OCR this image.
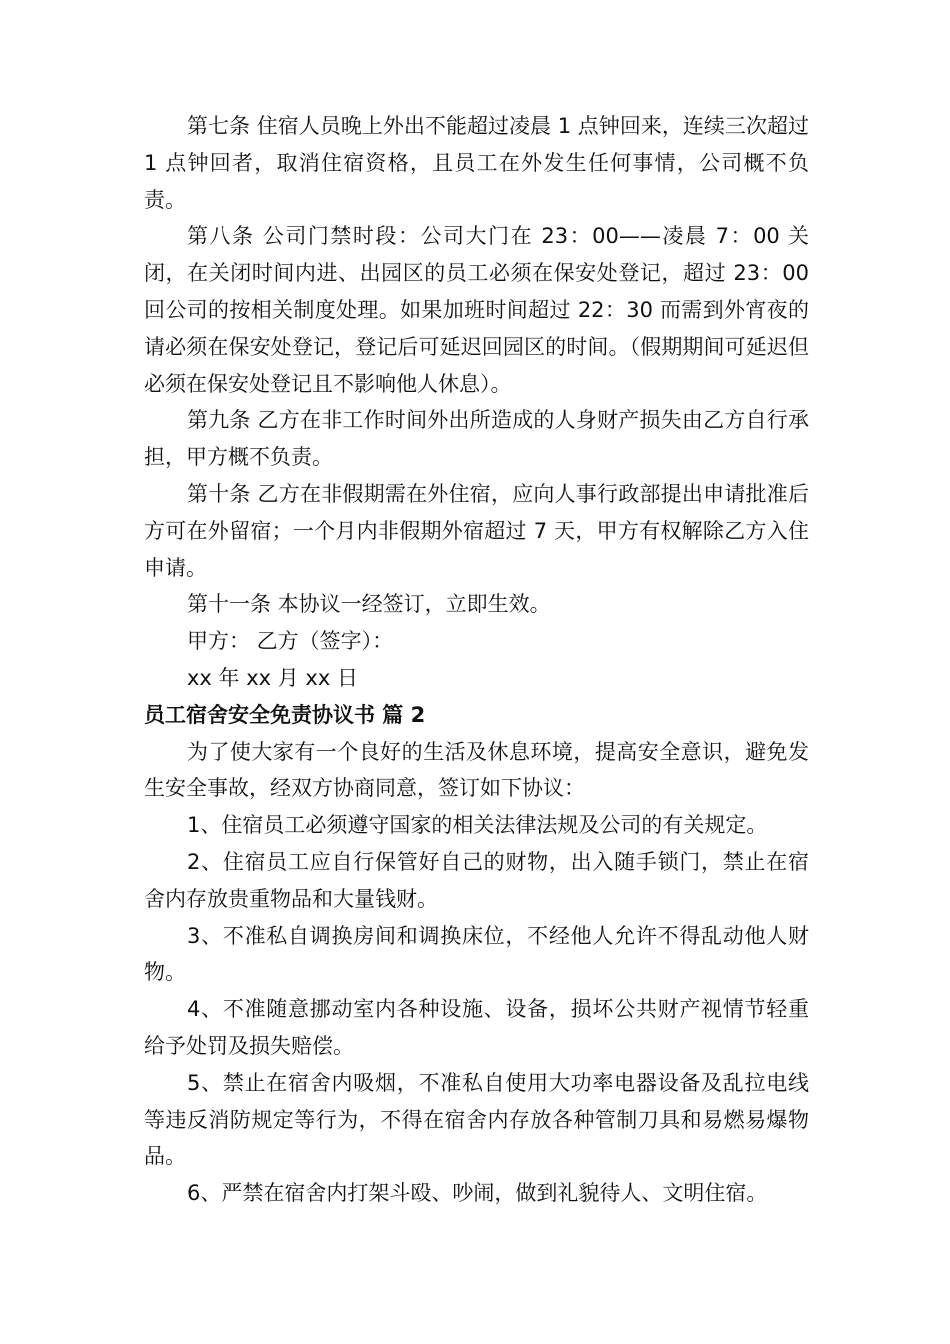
第七条 住宿人员晚上外出不能超过凌晨 1 点钟回来，连续三次超过 1 点钟回者，取消住宿资格，且员工在外发生任何事情，公司概不负责。

第八条 公司门禁时段：公司大门在 23：00——凌晨 7：00 关闭，在关闭时间内进、出园区的员工必须在保安处登记，超过 23：00 回公司的按相关制度处理。如果加班时间超过 22：30 而需到外宵夜的请必须在保安处登记，登记后可延迟回园区的时间。（假期期间可延迟但必须在保安处登记且不影响他人休息）。

第九条 乙方在非工作时间外出所造成的人身财产损失由乙方自行承担，甲方概不负责。

第十条 乙方在非假期需在外住宿，应向人事行政部提出申请批准后方可在外留宿；一个月内非假期外宿超过 7 天，甲方有权解除乙方入住申请。

第十一条 本协议一经签订，立即生效。

甲方： 乙方（签字）：

xx 年 xx 月 xx 日

员工宿舍安全免责协议书 篇 2

为了使大家有一个良好的生活及休息环境，提高安全意识，避免发生安全事故，经双方协商同意，签订如下协议：

1、住宿员工必须遵守国家的相关法律法规及公司的有关规定。

2、住宿员工应自行保管好自己的财物，出入随手锁门，禁止在宿舍内存放贵重物品和大量钱财。

3、不准私自调换房间和调换床位，不经他人允许不得乱动他人财物。

4、不准随意挪动室内各种设施、设备，损坏公共财产视情节轻重给予处罚及损失赔偿。

5、禁止在宿舍内吸烟，不准私自使用大功率电器设备及乱拉电线等违反消防规定等行为，不得在宿舍内存放各种管制刀具和易燃易爆物品。

6、严禁在宿舍内打架斗殴、吵闹，做到礼貌待人、文明住宿。
